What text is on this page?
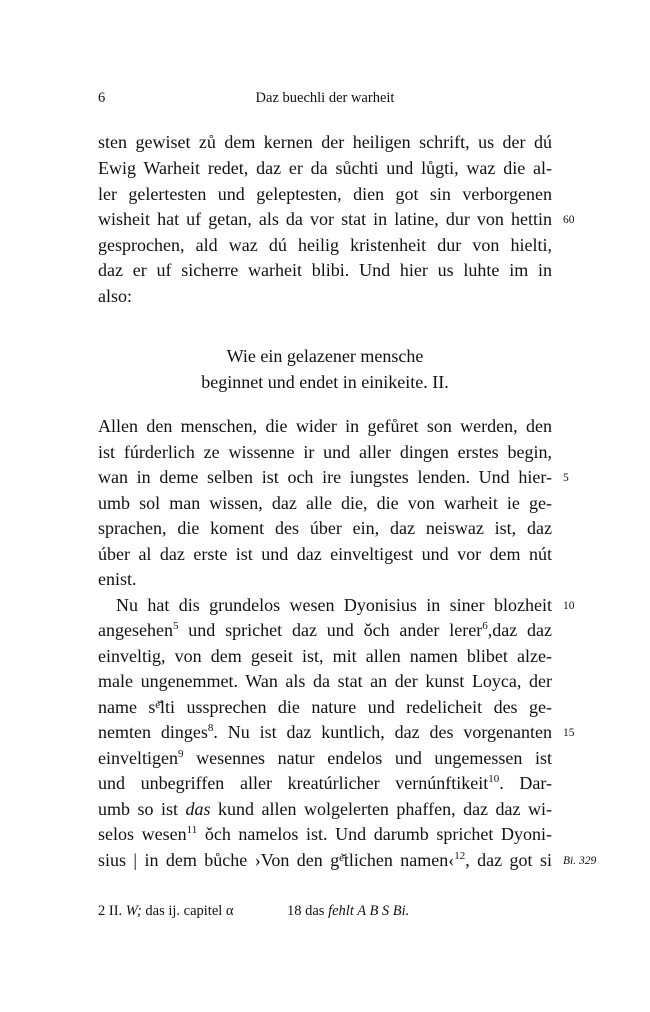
6	Daz buechli der warheit
sten gewiset zů dem kernen der heiligen schrift, us der dú
Ewig Warheit redet, daz er da sůchti und lůgti, waz die al-
ler gelertesten und geleptesten, dien got sin verborgenen
wisheit hat uf getan, als da vor stat in latine, dur von hettin 60
gesprochen, ald waz dú heilig kristenheit dur von hielti,
daz er uf sicherre warheit blibi. Und hier us luhte im in
also:
Wie ein gelazener mensche
beginnet und endet in einikeite. II.
Allen den menschen, die wider in gefůret son werden, den
ist fúrderlich ze wissenne ir und aller dingen erstes begin,
wan in deme selben ist och ire iungstes lenden. Und hier- 5
umb sol man wissen, daz alle die, die von warheit ie ge-
sprachen, die koment des úber ein, daz neiswaz ist, daz
úber al daz erste ist und daz einveltigest und vor dem nút
enist.
Nu hat dis grundelos wesen Dyonisius in siner blozheit 10
angesehen$^5$ und sprichet daz und ǒch ander lerer$^6$,daz daz
einveltig, von dem geseit ist, mit allen namen blibet alze-
male ungenemmet. Wan als da stat an der kunst Loyca, der
name sᵉ̆lti ussprechen die nature und redelicheit des ge-
nemten dinges$^8$. Nu ist daz kuntlich, daz des vorgenanten 15
einveltigen$^9$ wesennes natur endelos und ungemessen ist
und unbegriffen aller kreatúrlicher vernúnftikeit$^{10}$. Dar-
umb so ist das kund allen wolgelerten phaffen, daz daz wi-
selos wesen$^{11}$ ǒch namelos ist. Und darumb sprichet Dyoni-
sius | in dem bůche ›Von den gᵉ̆tlichen namen‹$^{12}$, daz got si Bi. 329
2 II. W; das ij. capitel α	18 das fehlt A B S Bi.
